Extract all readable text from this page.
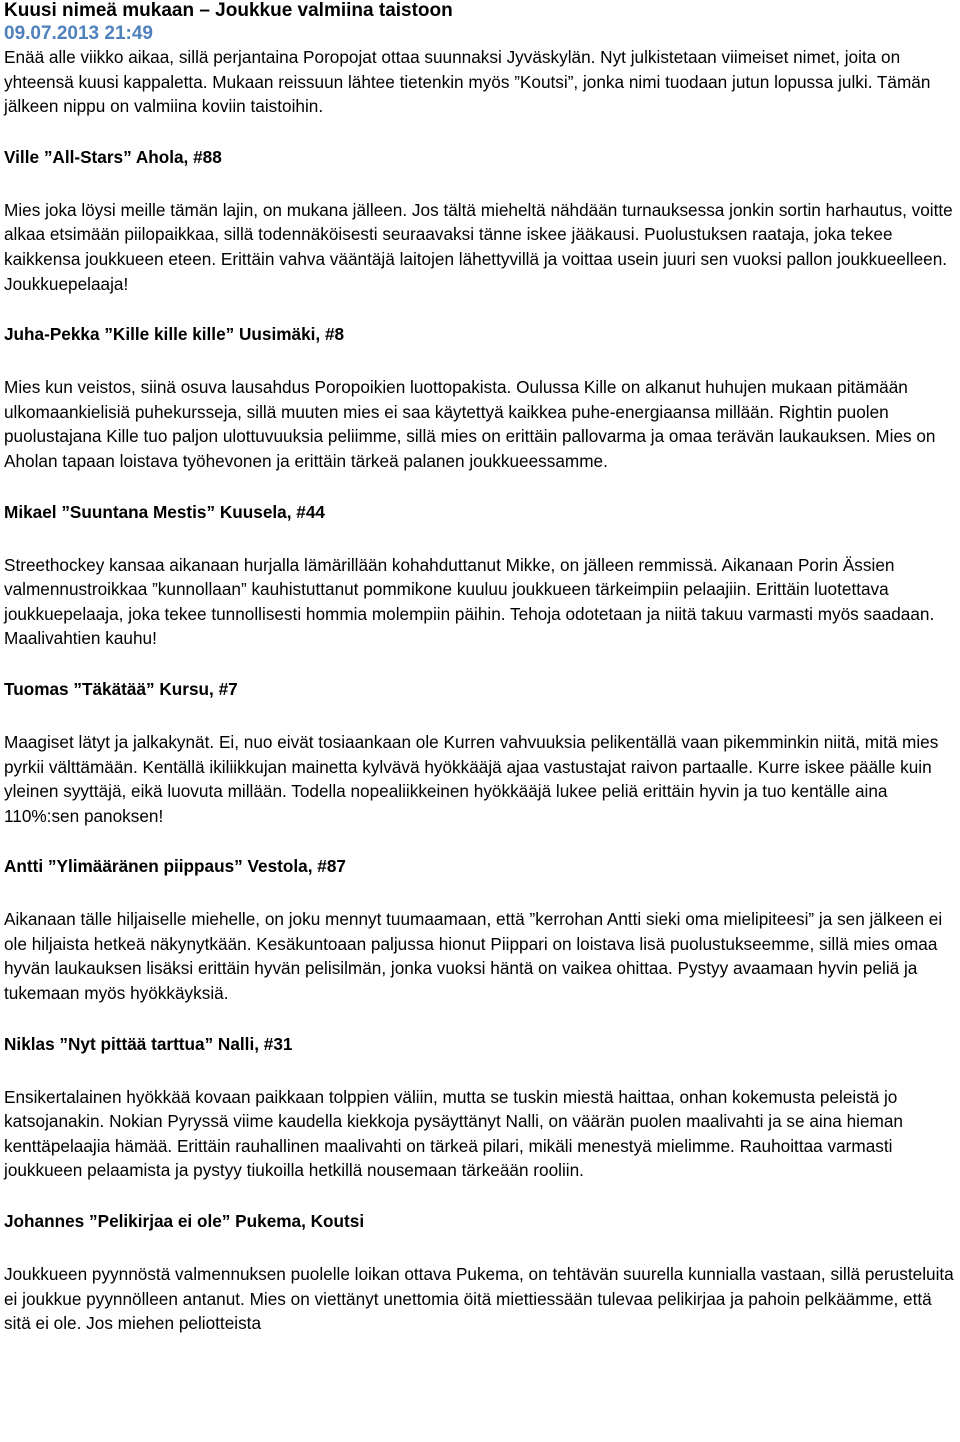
Kuusi nimeä mukaan – Joukkue valmiina taistoon
09.07.2013 21:49

Enää alle viikko aikaa, sillä perjantaina Poropojat ottaa suunnaksi Jyväskylän. Nyt julkistetaan viimeiset nimet, joita on yhteensä kuusi kappaletta. Mukaan reissuun lähtee tietenkin myös ”Koutsi”, jonka nimi tuodaan jutun lopussa julki. Tämän jälkeen nippu on valmiina koviin taistoihin.

Ville ”All-Stars” Ahola, #88

Mies joka löysi meille tämän lajin, on mukana jälleen. Jos tältä mieheltä nähdään turnauksessa jonkin sortin harhautus, voitte alkaa etsimään piilopaikkaa, sillä todennäköisesti seuraavaksi tänne iskee jääkausi. Puolustuksen raataja, joka tekee kaikkensa joukkueen eteen. Erittäin vahva vääntäjä laitojen lähettyvillä ja voittaa usein juuri sen vuoksi pallon joukkueelleen. Joukkuepelaaja!

Juha-Pekka ”Kille kille kille” Uusimäki, #8

Mies kun veistos, siinä osuva lausahdus Poropoikien luottopakista. Oulussa Kille on alkanut huhujen mukaan pitämään ulkomaankielisiä puhekursseja, sillä muuten mies ei saa käytettyä kaikkea puhe-energiaansa millään. Rightin puolen puolustajana Kille tuo paljon ulottuvuuksia peliimme, sillä mies on erittäin pallovarma ja omaa terävän laukauksen. Mies on Aholan tapaan loistava työhevonen ja erittäin tärkeä palanen joukkueessamme.

Mikael ”Suuntana Mestis” Kuusela, #44

Streethockey kansaa aikanaan hurjalla lämärillään kohahduttanut Mikke, on jälleen remmissä. Aikanaan Porin Ässien valmennustroikkaa ”kunnollaan” kauhistuttanut pommikone kuuluu joukkueen tärkeimpiin pelaajiin. Erittäin luotettava joukkuepelaaja, joka tekee tunnollisesti hommia molempiin päihin. Tehoja odotetaan ja niitä takuu varmasti myös saadaan. Maalivahtien kauhu!

Tuomas ”Täkätää” Kursu, #7

Maagiset lätyt ja jalkakynät. Ei, nuo eivät tosiaankaan ole Kurren vahvuuksia pelikentällä vaan pikemminkin niitä, mitä mies pyrkii välttämään. Kentällä ikiliikkujan mainetta kylvävä hyökkääjä ajaa vastustajat raivon partaalle. Kurre iskee päälle kuin yleinen syyttäjä, eikä luovuta millään. Todella nopealiikkeinen hyökkääjä lukee peliä erittäin hyvin ja tuo kentälle aina 110%:sen panoksen!

Antti ”Ylimääränen piippaus” Vestola, #87

Aikanaan tälle hiljaiselle miehelle, on joku mennyt tuumaamaan, että ”kerrohan Antti sieki oma mielipiteesi” ja sen jälkeen ei ole hiljaista hetkeä näkynytkään. Kesäkuntoaan paljussa hionut Piippari on loistava lisä puolustukseemme, sillä mies omaa hyvän laukauksen lisäksi erittäin hyvän pelisilmän, jonka vuoksi häntä on vaikea ohittaa. Pystyy avaamaan hyvin peliä ja tukemaan myös hyökkäyksiä.

Niklas ”Nyt pittää tarttua” Nalli, #31

Ensikertalainen hyökkää kovaan paikkaan tolppien väliin, mutta se tuskin miestä haittaa, onhan kokemusta peleistä jo katsojanakin. Nokian Pyryssä viime kaudella kiekkoja pysäyttänyt Nalli, on väärän puolen maalivahti ja se aina hieman kenttäpelaajia hämää. Erittäin rauhallinen maalivahti on tärkeä pilari, mikäli menestyä mielimme. Rauhoittaa varmasti joukkueen pelaamista ja pystyy tiukoilla hetkillä nousemaan tärkeään rooliin.

Johannes ”Pelikirjaa ei ole” Pukema, Koutsi

Joukkueen pyynnöstä valmennuksen puolelle loikan ottava Pukema, on tehtävän suurella kunnialla vastaan, sillä perusteluita ei joukkue pyynnölleen antanut. Mies on viettänyt unettomia öitä miettiessään tulevaa pelikirjaa ja pahoin pelkäämme, että sitä ei ole. Jos miehen peliotteista
